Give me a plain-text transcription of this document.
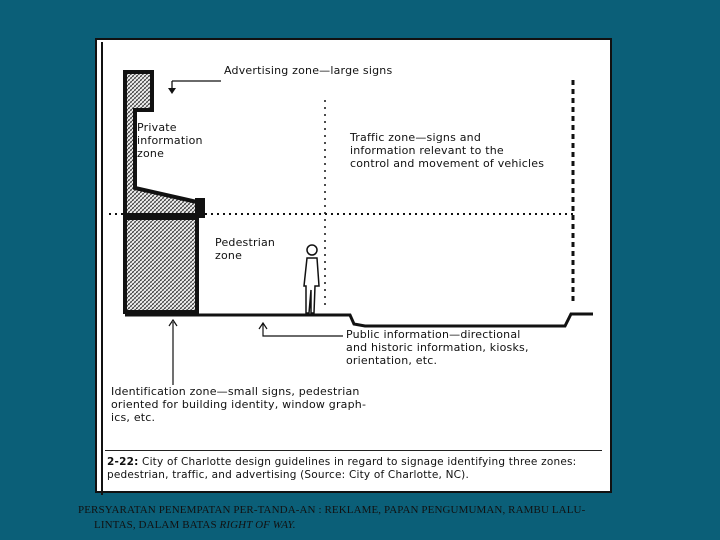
Advertising zone—large signs
Private
information
zone
Traffic zone—signs and
information relevant to the
control and movement of vehicles
Pedestrian
zone
Public information—directional
and historic information, kiosks,
orientation, etc.
Identification zone—small signs, pedestrian
oriented for building identity, window graph-
ics, etc.
2-22: City of Charlotte design guidelines in regard to signage identifying three zones: pedestrian, traffic, and advertising (Source: City of Charlotte, NC).
PERSYARATAN PENEMPATAN PER-TANDA-AN : REKLAME, PAPAN PENGUMUMAN, RAMBU LALU-
LINTAS, DALAM BATAS RIGHT OF WAY.
